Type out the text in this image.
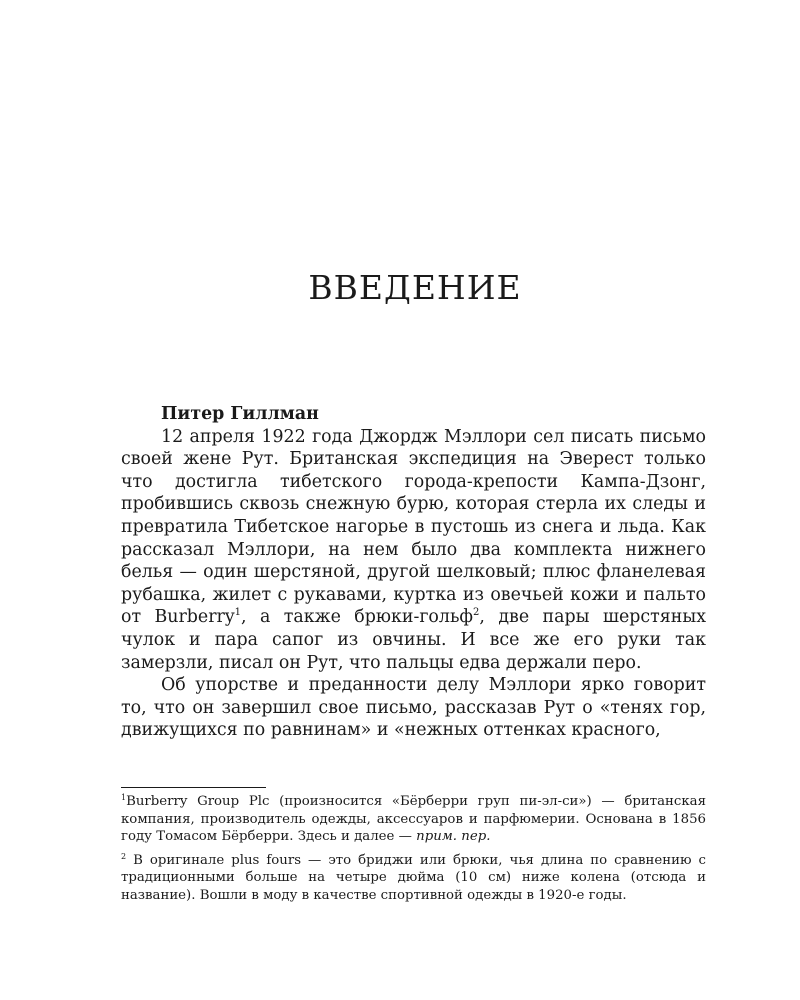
ВВЕДЕНИЕ

Питер Гиллман

12 апреля 1922 года Джордж Мэллори сел писать письмо своей жене Рут. Британская экспедиция на Эверест только что достигла тибетского города-крепости Кампа-Дзонг, пробившись сквозь снежную бурю, которая стерла их следы и превратила Тибетское нагорье в пустошь из снега и льда. Как рассказал Мэллори, на нем было два комплекта нижнего белья — один шерстяной, другой шелковый; плюс фланелевая рубашка, жилет с рукавами, куртка из овечьей кожи и пальто от Burberry$^1$, а также брюки-гольф$^2$, две пары шерстяных чулок и пара сапог из овчины. И все же его руки так замерзли, писал он Рут, что пальцы едва держали перо.

Об упорстве и преданности делу Мэллори ярко говорит то, что он завершил свое письмо, рассказав Рут о «тенях гор, движущихся по равнинам» и «нежных оттенках красного,

$^1$Burberry Group Plc (произносится «Бёрберри груп пи-эл-си») — британская компания, производитель одежды, аксессуаров и парфюмерии. Основана в 1856 году Томасом Бёрберри. Здесь и далее — прим. пер.

$^2$ В оригинале plus fours — это бриджи или брюки, чья длина по сравнению с традиционными больше на четыре дюйма (10 см) ниже колена (отсюда и название). Вошли в моду в качестве спортивной одежды в 1920-е годы.
